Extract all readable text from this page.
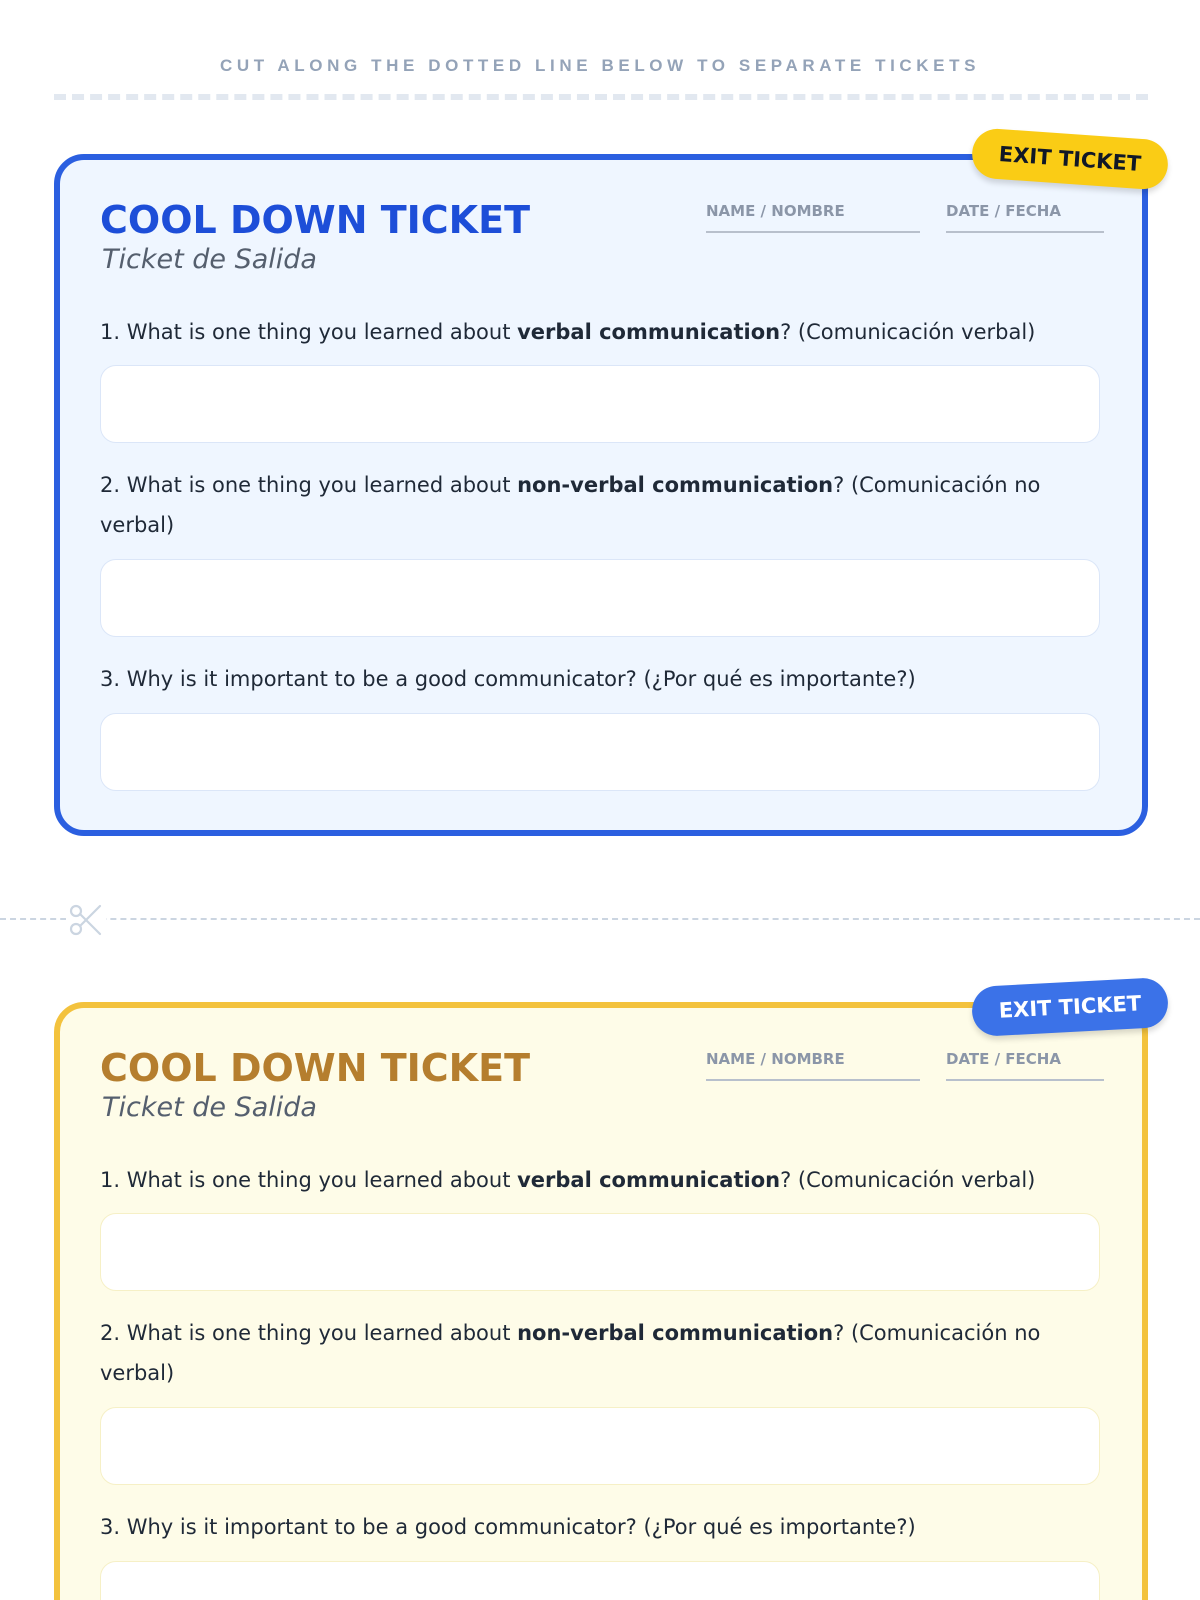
CUT ALONG THE DOTTED LINE BELOW TO SEPARATE TICKETS
EXIT TICKET
COOL DOWN TICKET
Ticket de Salida
NAME / NOMBRE	DATE / FECHA
1. What is one thing you learned about verbal communication? (Comunicación verbal)
2. What is one thing you learned about non-verbal communication? (Comunicación no verbal)
3. Why is it important to be a good communicator? (¿Por qué es importante?)
EXIT TICKET
COOL DOWN TICKET
Ticket de Salida
NAME / NOMBRE	DATE / FECHA
1. What is one thing you learned about verbal communication? (Comunicación verbal)
2. What is one thing you learned about non-verbal communication? (Comunicación no verbal)
3. Why is it important to be a good communicator? (¿Por qué es importante?)
